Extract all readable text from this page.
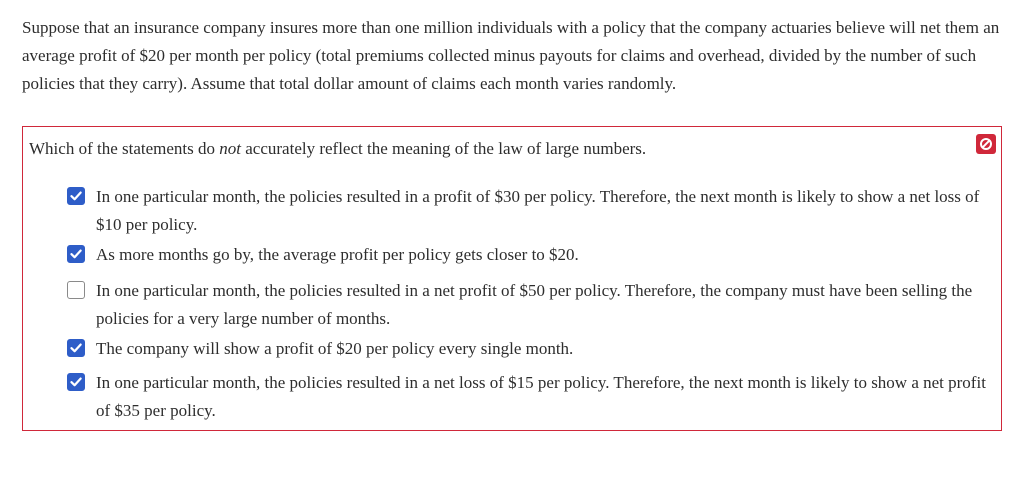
Suppose that an insurance company insures more than one million individuals with a policy that the company actuaries believe will net them an average profit of $20 per month per policy (total premiums collected minus payouts for claims and overhead, divided by the number of such policies that they carry). Assume that total dollar amount of claims each month varies randomly.

Which of the statements do not accurately reflect the meaning of the law of large numbers.

In one particular month, the policies resulted in a profit of $30 per policy. Therefore, the next month is likely to show a net loss of $10 per policy.
As more months go by, the average profit per policy gets closer to $20.
In one particular month, the policies resulted in a net profit of $50 per policy. Therefore, the company must have been selling the policies for a very large number of months.
The company will show a profit of $20 per policy every single month.
In one particular month, the policies resulted in a net loss of $15 per policy. Therefore, the next month is likely to show a net profit of $35 per policy.
